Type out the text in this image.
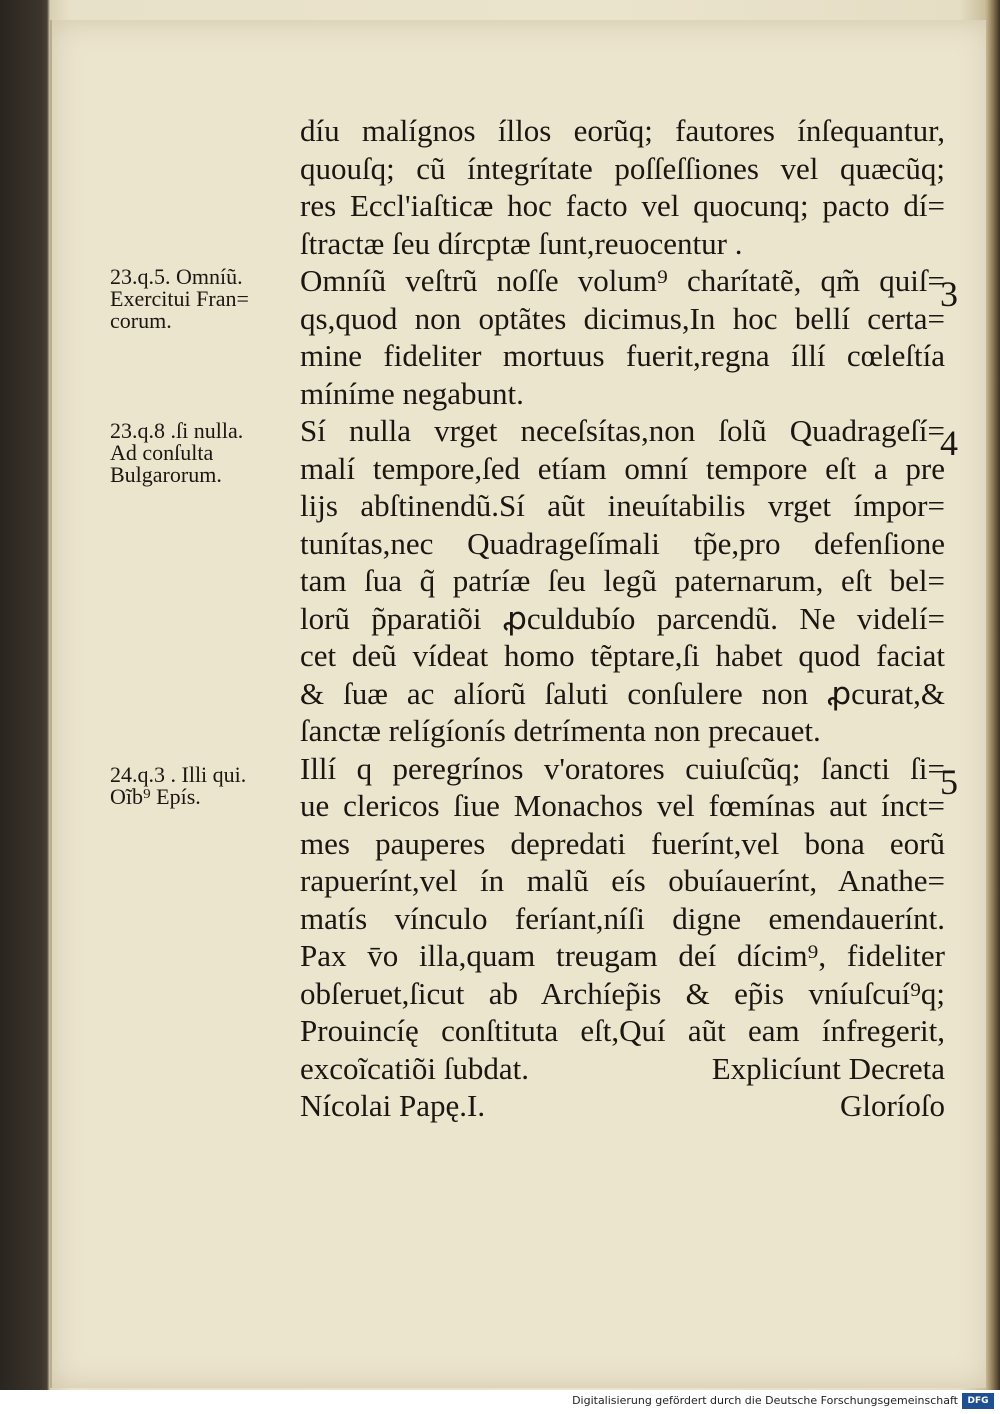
díu malígnos íllos eorũq; fautores ínſequantur,
quouſq; cũ íntegrítate poſſeſſiones vel quæcũq;
res Eccl'iaſticæ hoc facto vel quocunq; pacto dí=
ſtractæ ſeu dírcptæ ſunt,reuocentur .
Omníũ veſtrũ noſſe volum⁹ charítatẽ, qm̃ quiſ=
qs,quod non optãtes dicimus,In hoc bellí certa=
mine fideliter mortuus fuerit,regna íllí cœleſtía
míníme negabunt.
Sí nulla vrget neceſsítas,non ſolũ Quadrageſí=
malí tempore,ſed etíam omní tempore eſt a pre
lijs abſtinendũ.Sí aũt ineuítabilis vrget ímpor=
tunítas,nec Quadrageſímali tp̃e,pro defenſione
tam ſua q̃ patríæ ſeu legũ paternarum, eſt bel=
lorũ p̃paratiõi ꝓculdubío parcendũ. Ne videlí=
cet deũ vídeat homo tẽptare,ſi habet quod faciat
& ſuæ ac alíorũ ſaluti conſulere non ꝓcurat,&
ſanctæ relígíonís detrímenta non precauet.
Illí q peregrínos v'oratores cuiuſcũq; ſancti ſi=
ue clericos ſiue Monachos vel fœmínas aut ínct=
mes pauperes depredati fuerínt,vel bona eorũ
rapuerínt,vel ín malũ eís obuíauerínt, Anathe=
matís vínculo feríant,níſi digne emendauerínt.
Pax v̄o illa,quam treugam deí dícim⁹, fideliter
obſeruet,ſicut ab Archíep̃is & ep̃is vníuſcuí⁹q;
Prouincíę conſtituta eſt,Quí aũt eam ínfregerit,
excoĩcatiõi ſubdat.	Explicíunt Decreta
Nícolai Papę.I.	Gloríoſo
23.q.5. Omníũ.
Exercitui Fran=
corum.
23.q.8 .ſi nulla.
Ad conſulta
Bulgarorum.
24.q.3 . Illi qui.
Oĩb⁹ Epís.
3
4
5
Digitalisierung gefördert durch die Deutsche Forschungsgemeinschaft	DFG
